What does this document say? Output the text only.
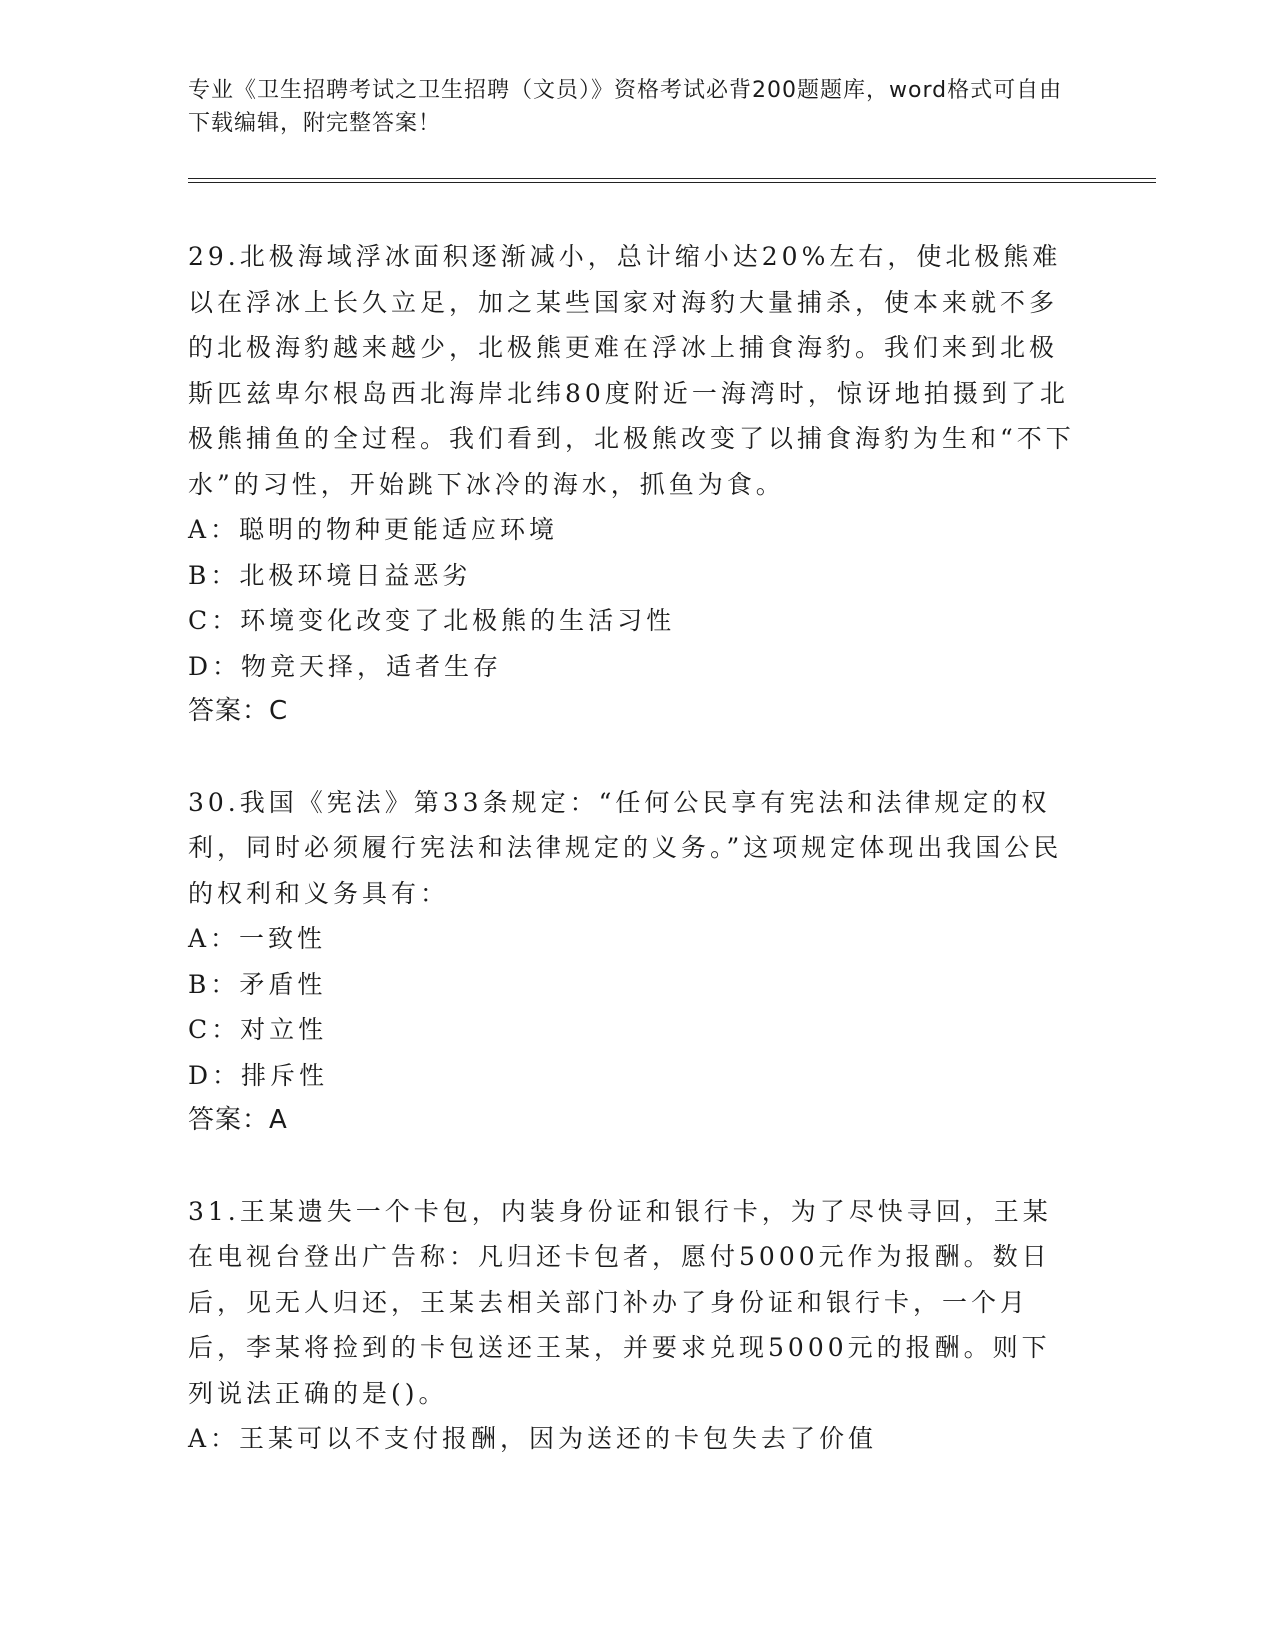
专业《卫生招聘考试之卫生招聘（文员）》资格考试必背200题题库，word格式可自由下载编辑，附完整答案！

29.北极海域浮冰面积逐渐减小，总计缩小达20%左右，使北极熊难以在浮冰上长久立足，加之某些国家对海豹大量捕杀，使本来就不多的北极海豹越来越少，北极熊更难在浮冰上捕食海豹。我们来到北极斯匹兹卑尔根岛西北海岸北纬80度附近一海湾时，惊讶地拍摄到了北极熊捕鱼的全过程。我们看到，北极熊改变了以捕食海豹为生和“不下水”的习性，开始跳下冰冷的海水，抓鱼为食。

A：聪明的物种更能适应环境

B：北极环境日益恶劣

C：环境变化改变了北极熊的生活习性

D：物竞天择，适者生存

答案：C

30.我国《宪法》第33条规定：“任何公民享有宪法和法律规定的权利，同时必须履行宪法和法律规定的义务。”这项规定体现出我国公民的权利和义务具有：

A：一致性

B：矛盾性

C：对立性

D：排斥性

答案：A

31.王某遗失一个卡包，内装身份证和银行卡，为了尽快寻回，王某在电视台登出广告称：凡归还卡包者，愿付5000元作为报酬。数日后，见无人归还，王某去相关部门补办了身份证和银行卡，一个月后，李某将捡到的卡包送还王某，并要求兑现5000元的报酬。则下列说法正确的是()。

A：王某可以不支付报酬，因为送还的卡包失去了价值
